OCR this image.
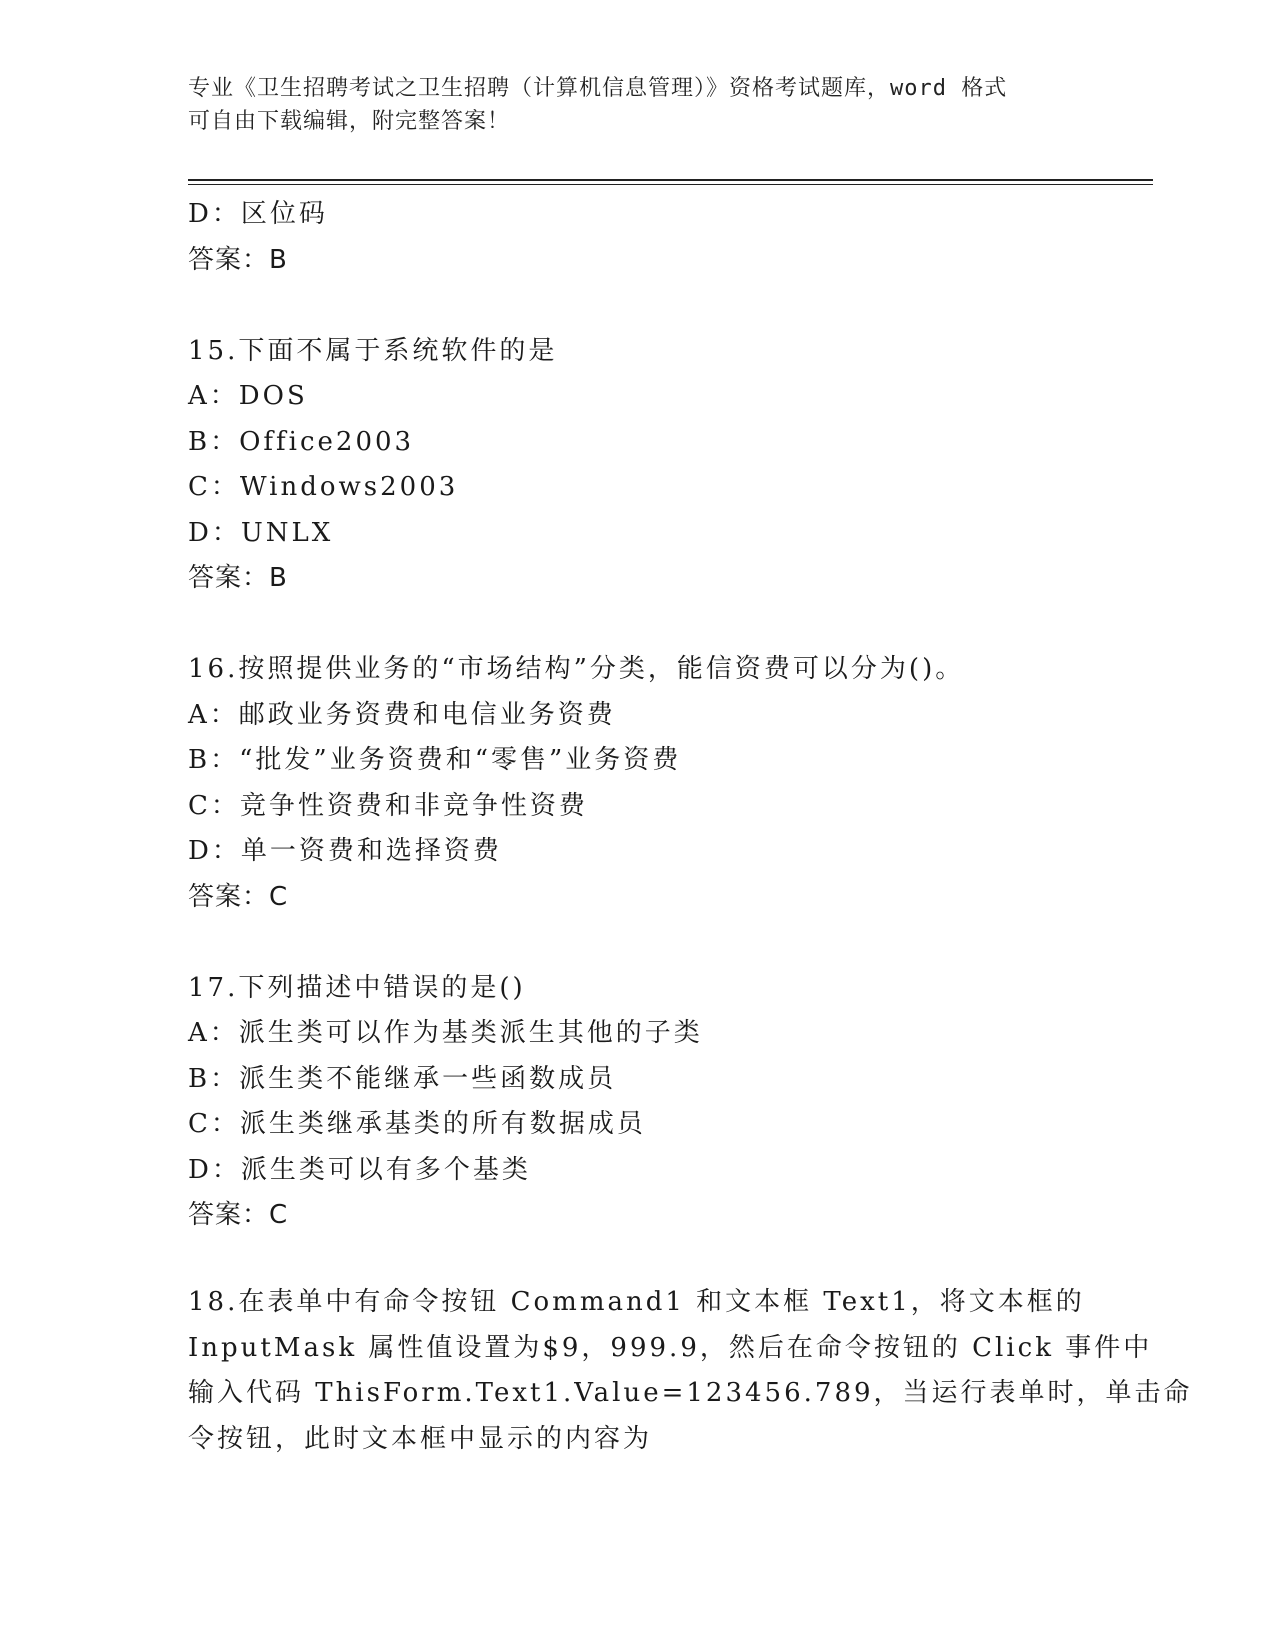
专业《卫生招聘考试之卫生招聘（计算机信息管理）》资格考试题库，word 格式
可自由下载编辑，附完整答案！
D：区位码
答案：B
15.下面不属于系统软件的是
A：DOS
B：Office2003
C：Windows2003
D：UNLX
答案：B
16.按照提供业务的“市场结构”分类，能信资费可以分为()。
A：邮政业务资费和电信业务资费
B：“批发”业务资费和“零售”业务资费
C：竞争性资费和非竞争性资费
D：单一资费和选择资费
答案：C
17.下列描述中错误的是()
A：派生类可以作为基类派生其他的子类
B：派生类不能继承一些函数成员
C：派生类继承基类的所有数据成员
D：派生类可以有多个基类
答案：C
18.在表单中有命令按钮 Command1 和文本框 Text1，将文本框的
InputMask 属性值设置为$9，999.9，然后在命令按钮的 Click 事件中
输入代码 ThisForm.Text1.Value=123456.789，当运行表单时，单击命
令按钮，此时文本框中显示的内容为
